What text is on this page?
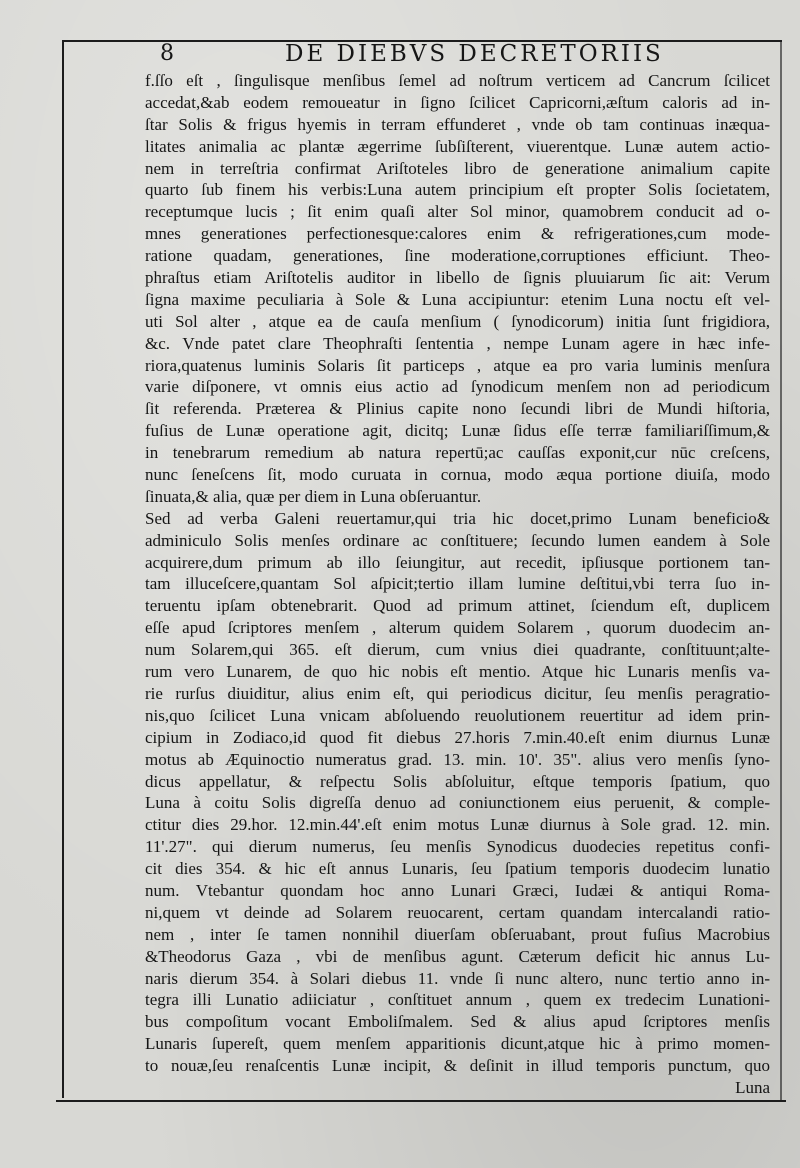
8	DE DIEBVS DECRETORIIS
f.ſſo eſt , ſingulisque menſibus ſemel ad noſtrum verticem ad Cancrum ſcilicet
accedat,&ab eodem remoueatur in ſigno ſcilicet Capricorni,æſtum caloris ad in-
ſtar Solis & frigus hyemis in terram effunderet , vnde ob tam continuas inæqua-
litates animalia ac plantæ ægerrime ſubſiſterent, viuerentque. Lunæ autem actio-
nem in terreſtria confirmat Ariſtoteles libro de generatione animalium capite
quarto ſub finem his verbis:Luna autem principium eſt propter Solis ſocietatem,
receptumque lucis ; ſit enim quaſi alter Sol minor, quamobrem conducit ad o-
mnes generationes perfectionesque:calores enim & refrigerationes,cum mode-
ratione quadam, generationes, ſine moderatione,corruptiones efficiunt. Theo-
phraſtus etiam Ariſtotelis auditor in libello de ſignis pluuiarum ſic ait: Verum
ſigna maxime peculiaria à Sole & Luna accipiuntur: etenim Luna noctu eſt vel-
uti Sol alter , atque ea de cauſa menſium ( ſynodicorum) initia ſunt frigidiora,
&c. Vnde patet clare Theophraſti ſententia , nempe Lunam agere in hæc infe-
riora,quatenus luminis Solaris ſit particeps , atque ea pro varia luminis menſura
varie diſponere, vt omnis eius actio ad ſynodicum menſem non ad periodicum
ſit referenda. Præterea & Plinius capite nono ſecundi libri de Mundi hiſtoria,
fuſius de Lunæ operatione agit, dicitq; Lunæ ſidus eſſe terræ familiariſſimum,&
in tenebrarum remedium ab natura repertū;ac cauſſas exponit,cur nūc creſcens,
nunc ſeneſcens ſit, modo curuata in cornua, modo æqua portione diuiſa, modo
ſinuata,& alia, quæ per diem in Luna obſeruantur.
Sed ad verba Galeni reuertamur,qui tria hic docet,primo Lunam beneficio&
adminiculo Solis menſes ordinare ac conſtituere; ſecundo lumen eandem à Sole
acquirere,dum primum ab illo ſeiungitur, aut recedit, ipſiusque portionem tan-
tam illuceſcere,quantam Sol aſpicit;tertio illam lumine deſtitui,vbi terra ſuo in-
teruentu ipſam obtenebrarit. Quod ad primum attinet, ſciendum eſt, duplicem
eſſe apud ſcriptores menſem , alterum quidem Solarem , quorum duodecim an-
num Solarem,qui 365. eſt dierum, cum vnius diei quadrante, conſtituunt;alte-
rum vero Lunarem, de quo hic nobis eſt mentio. Atque hic Lunaris menſis va-
rie rurſus diuiditur, alius enim eſt, qui periodicus dicitur, ſeu menſis peragratio-
nis,quo ſcilicet Luna vnicam abſoluendo reuolutionem reuertitur ad idem prin-
cipium in Zodiaco,id quod fit diebus 27.horis 7.min.40.eſt enim diurnus Lunæ
motus ab Æquinoctio numeratus grad. 13. min. 10'. 35". alius vero menſis ſyno-
dicus appellatur, & reſpectu Solis abſoluitur, eſtque temporis ſpatium, quo
Luna à coitu Solis digreſſa denuo ad coniunctionem eius peruenit, & comple-
ctitur dies 29.hor. 12.min.44'.eſt enim motus Lunæ diurnus à Sole grad. 12. min.
11'.27". qui dierum numerus, ſeu menſis Synodicus duodecies repetitus confi-
cit dies 354. & hic eſt annus Lunaris, ſeu ſpatium temporis duodecim lunatio
num. Vtebantur quondam hoc anno Lunari Græci, Iudæi & antiqui Roma-
ni,quem vt deinde ad Solarem reuocarent, certam quandam intercalandi ratio-
nem , inter ſe tamen nonnihil diuerſam obſeruabant, prout fuſius Macrobius
&Theodorus Gaza , vbi de menſibus agunt. Cæterum deficit hic annus Lu-
naris dierum 354. à Solari diebus 11. vnde ſi nunc altero, nunc tertio anno in-
tegra illi Lunatio adiiciatur , conſtituet annum , quem ex tredecim Lunationi-
bus compoſitum vocant Emboliſmalem. Sed & alius apud ſcriptores menſis
Lunaris ſupereſt, quem menſem apparitionis dicunt,atque hic à primo momen-
to nouæ,ſeu renaſcentis Lunæ incipit, & deſinit in illud temporis punctum, quo
Luna
